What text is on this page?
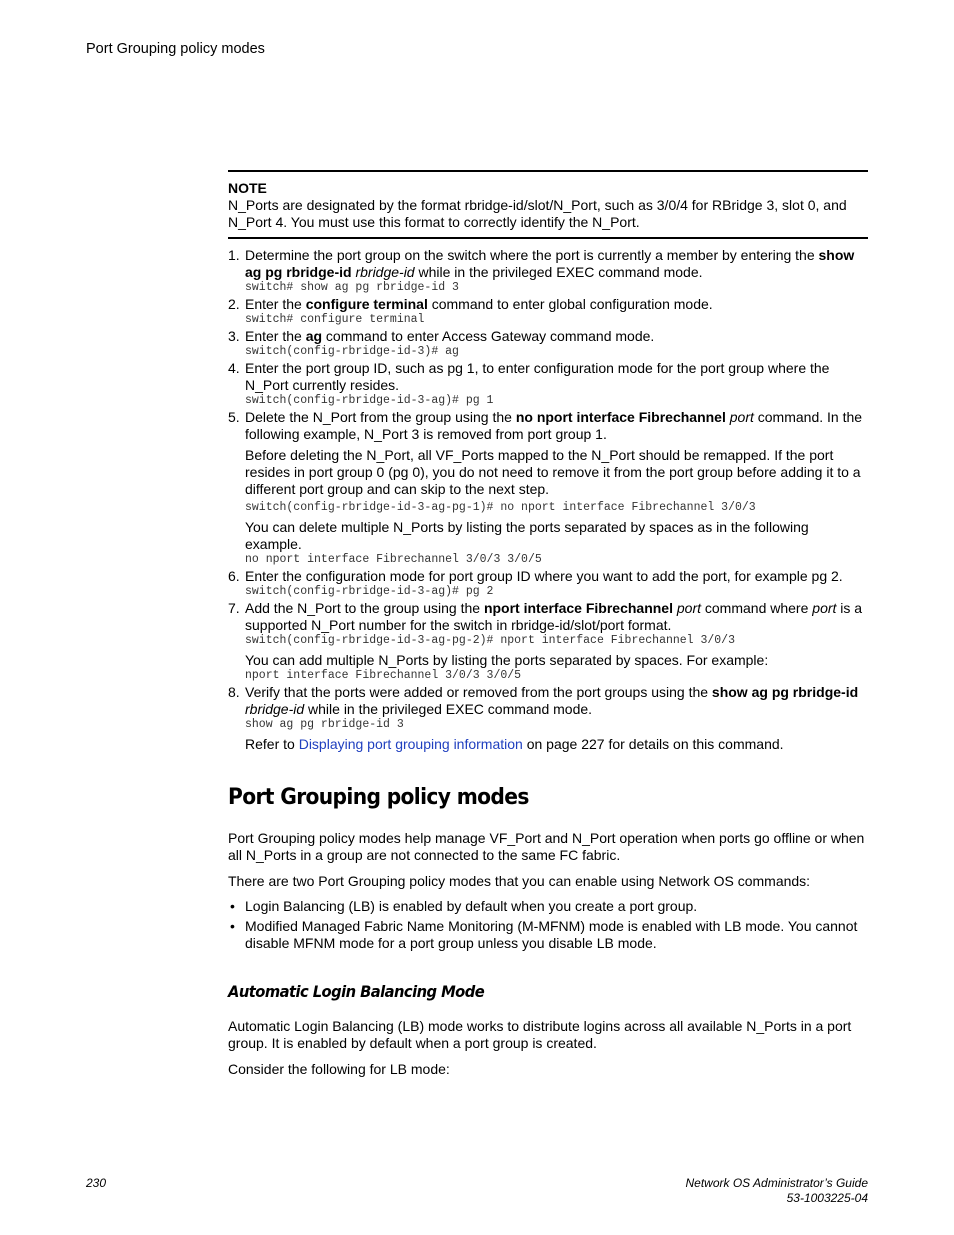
Port Grouping policy modes
NOTE
N_Ports are designated by the format rbridge-id/slot/N_Port, such as 3/0/4 for RBridge 3, slot 0, and N_Port 4. You must use this format to correctly identify the N_Port.
1. Determine the port group on the switch where the port is currently a member by entering the show ag pg rbridge-id rbridge-id while in the privileged EXEC command mode.
switch# show ag pg rbridge-id 3
2. Enter the configure terminal command to enter global configuration mode.
switch# configure terminal
3. Enter the ag command to enter Access Gateway command mode.
switch(config-rbridge-id-3)# ag
4. Enter the port group ID, such as pg 1, to enter configuration mode for the port group where the N_Port currently resides.
switch(config-rbridge-id-3-ag)# pg 1
5. Delete the N_Port from the group using the no nport interface Fibrechannel port command. In the following example, N_Port 3 is removed from port group 1.
Before deleting the N_Port, all VF_Ports mapped to the N_Port should be remapped. If the port resides in port group 0 (pg 0), you do not need to remove it from the port group before adding it to a different port group and can skip to the next step.
switch(config-rbridge-id-3-ag-pg-1)# no nport interface Fibrechannel 3/0/3
You can delete multiple N_Ports by listing the ports separated by spaces as in the following example.
no nport interface Fibrechannel 3/0/3 3/0/5
6. Enter the configuration mode for port group ID where you want to add the port, for example pg 2.
switch(config-rbridge-id-3-ag)# pg 2
7. Add the N_Port to the group using the nport interface Fibrechannel port command where port is a supported N_Port number for the switch in rbridge-id/slot/port format.
switch(config-rbridge-id-3-ag-pg-2)# nport interface Fibrechannel 3/0/3
You can add multiple N_Ports by listing the ports separated by spaces. For example:
nport interface Fibrechannel 3/0/3 3/0/5
8. Verify that the ports were added or removed from the port groups using the show ag pg rbridge-id rbridge-id while in the privileged EXEC command mode.
show ag pg rbridge-id 3
Refer to Displaying port grouping information on page 227 for details on this command.
Port Grouping policy modes

Port Grouping policy modes help manage VF_Port and N_Port operation when ports go offline or when all N_Ports in a group are not connected to the same FC fabric.

There are two Port Grouping policy modes that you can enable using Network OS commands:

• Login Balancing (LB) is enabled by default when you create a port group.
• Modified Managed Fabric Name Monitoring (M-MFNM) mode is enabled with LB mode. You cannot disable MFNM mode for a port group unless you disable LB mode.
Automatic Login Balancing Mode

Automatic Login Balancing (LB) mode works to distribute logins across all available N_Ports in a port group. It is enabled by default when a port group is created.

Consider the following for LB mode:

230	Network OS Administrator’s Guide
53-1003225-04
